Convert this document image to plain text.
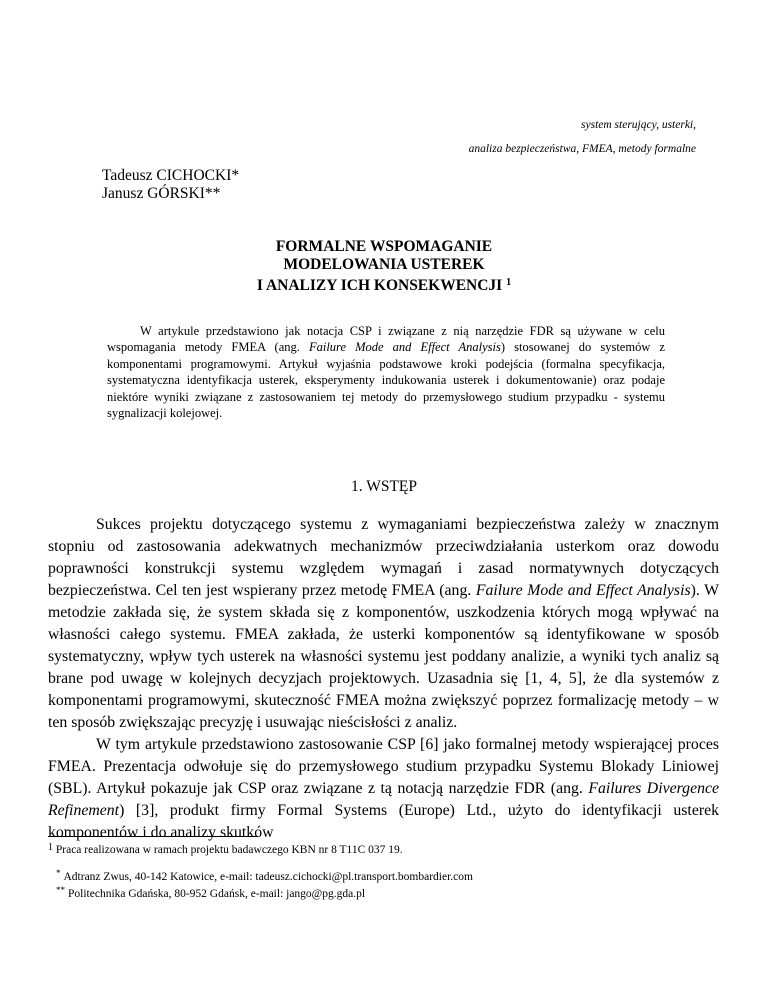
system sterujący, usterki,
analiza bezpieczeństwa, FMEA, metody formalne
Tadeusz CICHOCKI*
Janusz GÓRSKI**
FORMALNE WSPOMAGANIE
MODELOWANIA USTEREK
I ANALIZY ICH KONSEKWENCJI $^1$
W artykule przedstawiono jak notacja CSP i związane z nią narzędzie FDR są używane w celu wspomagania metody FMEA (ang. Failure Mode and Effect Analysis) stosowanej do systemów z komponentami programowymi. Artykuł wyjaśnia podstawowe kroki podejścia (formalna specyfikacja, systematyczna identyfikacja usterek, eksperymenty indukowania usterek i dokumentowanie) oraz podaje niektóre wyniki związane z zastosowaniem tej metody do przemysłowego studium przypadku - systemu sygnalizacji kolejowej.
1. WSTĘP

Sukces projektu dotyczącego systemu z wymaganiami bezpieczeństwa zależy w znacznym stopniu od zastosowania adekwatnych mechanizmów przeciwdziałania usterkom oraz dowodu poprawności konstrukcji systemu względem wymagań i zasad normatywnych dotyczących bezpieczeństwa. Cel ten jest wspierany przez metodę FMEA (ang. Failure Mode and Effect Analysis). W metodzie zakłada się, że system składa się z komponentów, uszkodzenia których mogą wpływać na własności całego systemu. FMEA zakłada, że usterki komponentów są identyfikowane w sposób systematyczny, wpływ tych usterek na własności systemu jest poddany analizie, a wyniki tych analiz są brane pod uwagę w kolejnych decyzjach projektowych. Uzasadnia się [1, 4, 5], że dla systemów z komponentami programowymi, skuteczność FMEA można zwiększyć poprzez formalizację metody – w ten sposób zwiększając precyzję i usuwając nieścisłości z analiz.

W tym artykule przedstawiono zastosowanie CSP [6] jako formalnej metody wspierającej proces FMEA. Prezentacja odwołuje się do przemysłowego studium przypadku Systemu Blokady Liniowej (SBL). Artykuł pokazuje jak CSP oraz związane z tą notacją narzędzie FDR (ang. Failures Divergence Refinement) [3], produkt firmy Formal Systems (Europe) Ltd., użyto do identyfikacji usterek komponentów i do analizy skutków

$^1$ Praca realizowana w ramach projektu badawczego KBN nr 8 T11C 037 19.
* Adtranz Zwus, 40-142 Katowice, e-mail: tadeusz.cichocki@pl.transport.bombardier.com
** Politechnika Gdańska, 80-952 Gdańsk, e-mail: jango@pg.gda.pl
